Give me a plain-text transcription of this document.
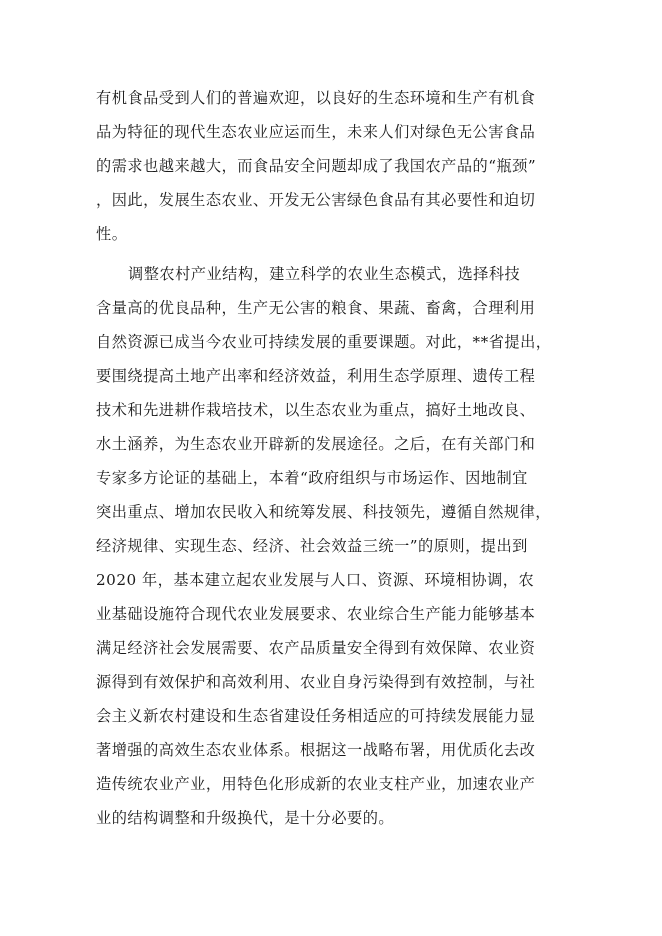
有机食品受到人们的普遍欢迎，以良好的生态环境和生产有机食
品为特征的现代生态农业应运而生，未来人们对绿色无公害食品
的需求也越来越大，而食品安全问题却成了我国农产品的“瓶颈”
，因此，发展生态农业、开发无公害绿色食品有其必要性和迫切
性。
调整农村产业结构，建立科学的农业生态模式，选择科技
含量高的优良品种，生产无公害的粮食、果蔬、畜禽，合理利用
自然资源已成当今农业可持续发展的重要课题。对此，**省提出，
要围绕提高土地产出率和经济效益，利用生态学原理、遗传工程
技术和先进耕作栽培技术，以生态农业为重点，搞好土地改良、
水土涵养，为生态农业开辟新的发展途径。之后，在有关部门和
专家多方论证的基础上，本着“政府组织与市场运作、因地制宜
突出重点、增加农民收入和统筹发展、科技领先，遵循自然规律，
经济规律、实现生态、经济、社会效益三统一”的原则，提出到
2020 年，基本建立起农业发展与人口、资源、环境相协调，农
业基础设施符合现代农业发展要求、农业综合生产能力能够基本
满足经济社会发展需要、农产品质量安全得到有效保障、农业资
源得到有效保护和高效利用、农业自身污染得到有效控制，与社
会主义新农村建设和生态省建设任务相适应的可持续发展能力显
著增强的高效生态农业体系。根据这一战略布署，用优质化去改
造传统农业产业，用特色化形成新的农业支柱产业，加速农业产
业的结构调整和升级换代，是十分必要的。
